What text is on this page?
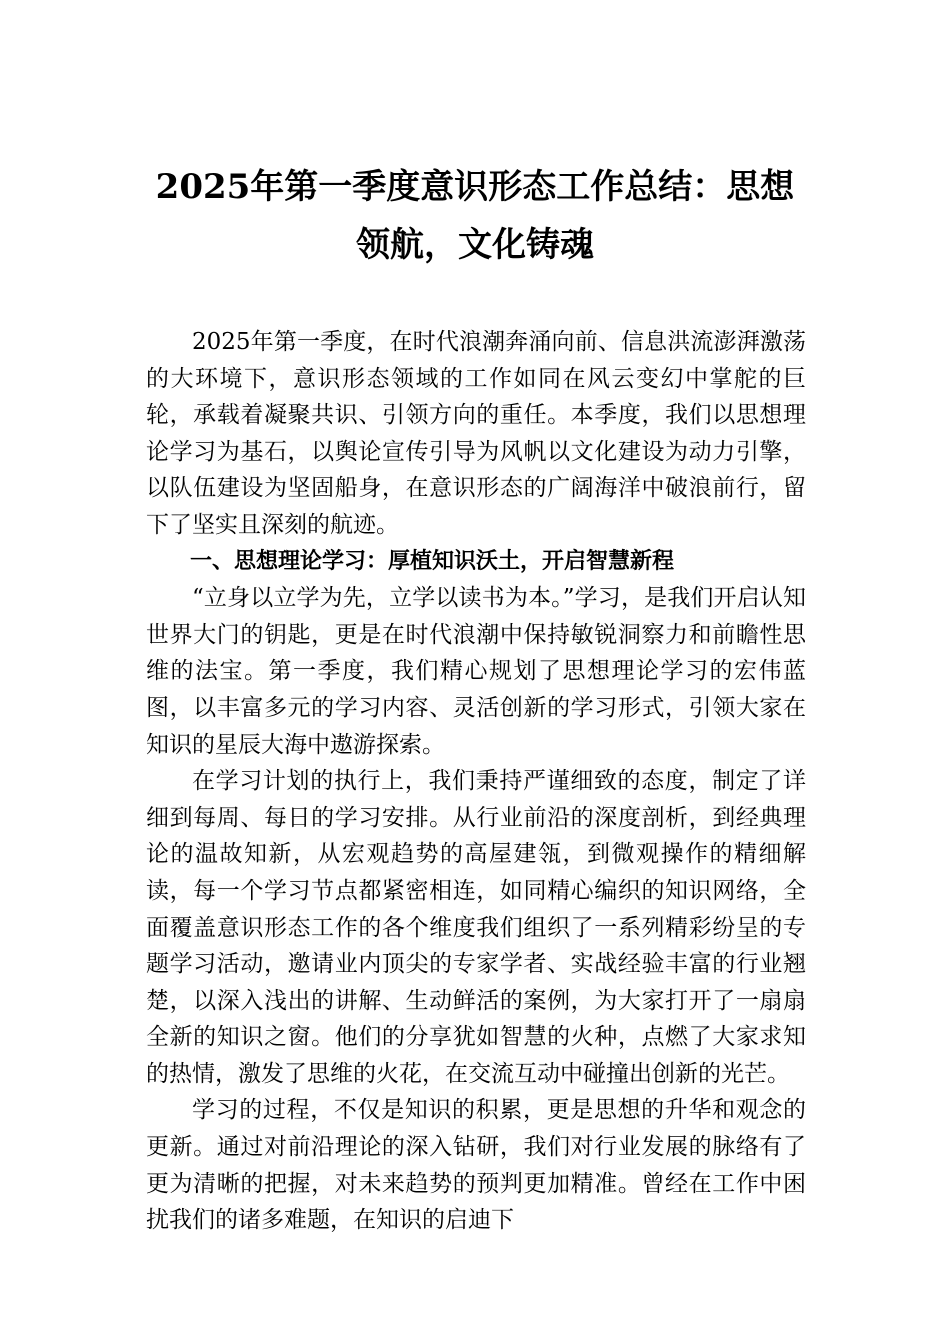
2025年第一季度意识形态工作总结：思想
领航，文化铸魂

2025年第一季度，在时代浪潮奔涌向前、信息洪流澎湃激荡的大环境下，意识形态领域的工作如同在风云变幻中掌舵的巨轮，承载着凝聚共识、引领方向的重任。本季度，我们以思想理论学习为基石，以舆论宣传引导为风帆以文化建设为动力引擎，以队伍建设为坚固船身，在意识形态的广阔海洋中破浪前行，留下了坚实且深刻的航迹。

一、思想理论学习：厚植知识沃土，开启智慧新程

“立身以立学为先，立学以读书为本。”学习，是我们开启认知世界大门的钥匙，更是在时代浪潮中保持敏锐洞察力和前瞻性思维的法宝。第一季度，我们精心规划了思想理论学习的宏伟蓝图，以丰富多元的学习内容、灵活创新的学习形式，引领大家在知识的星辰大海中遨游探索。

在学习计划的执行上，我们秉持严谨细致的态度，制定了详细到每周、每日的学习安排。从行业前沿的深度剖析，到经典理论的温故知新，从宏观趋势的高屋建瓴，到微观操作的精细解读，每一个学习节点都紧密相连，如同精心编织的知识网络，全面覆盖意识形态工作的各个维度我们组织了一系列精彩纷呈的专题学习活动，邀请业内顶尖的专家学者、实战经验丰富的行业翘楚，以深入浅出的讲解、生动鲜活的案例，为大家打开了一扇扇全新的知识之窗。他们的分享犹如智慧的火种，点燃了大家求知的热情，激发了思维的火花，在交流互动中碰撞出创新的光芒。

学习的过程，不仅是知识的积累，更是思想的升华和观念的更新。通过对前沿理论的深入钻研，我们对行业发展的脉络有了更为清晰的把握，对未来趋势的预判更加精准。曾经在工作中困扰我们的诸多难题，在知识的启迪下
